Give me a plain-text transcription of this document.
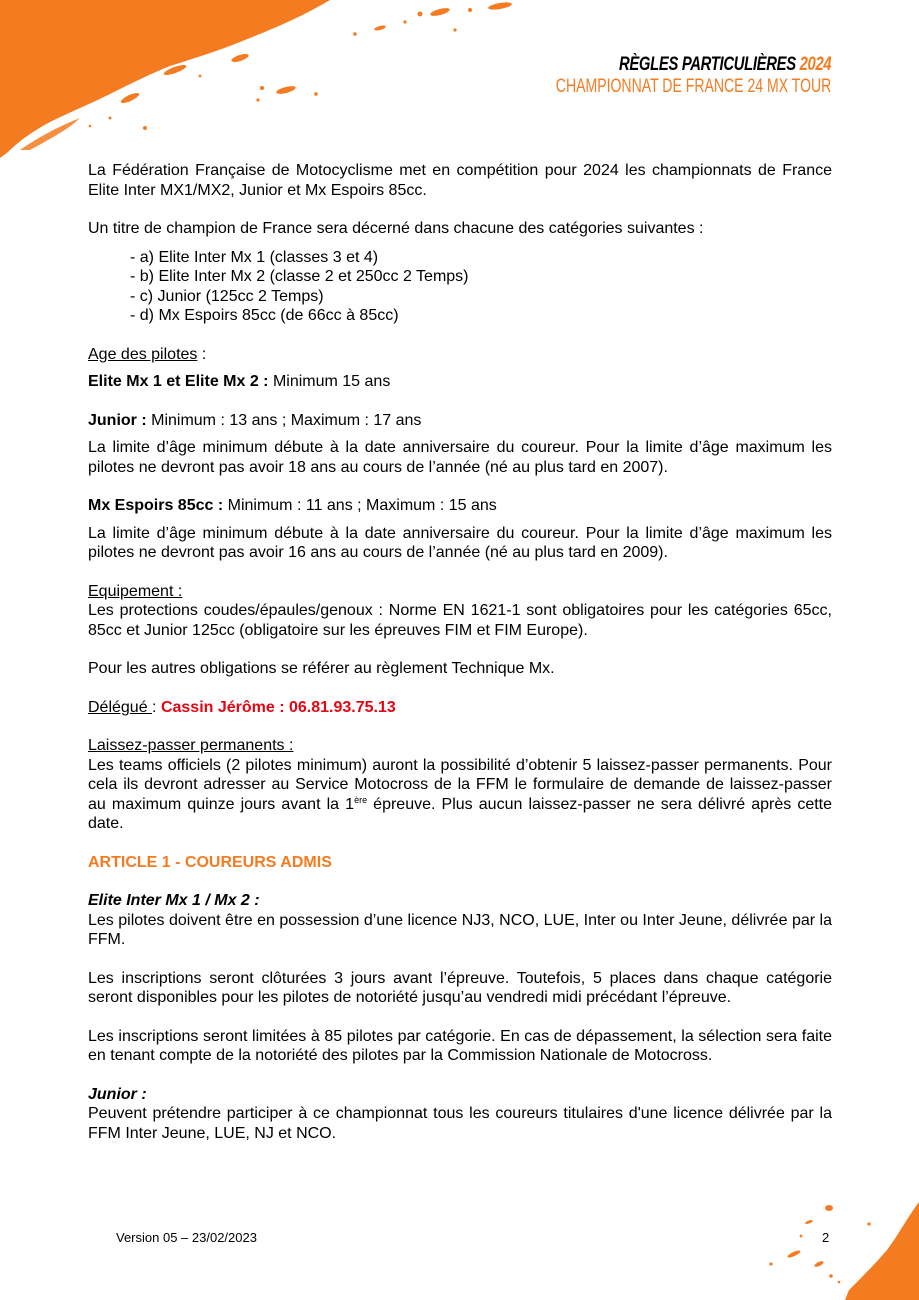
RÈGLES PARTICULIÈRES 2024
CHAMPIONNAT DE FRANCE 24 MX TOUR

La Fédération Française de Motocyclisme met en compétition pour 2024 les championnats de France Elite Inter MX1/MX2, Junior et Mx Espoirs 85cc.

Un titre de champion de France sera décerné dans chacune des catégories suivantes :

- a) Elite Inter Mx 1 (classes 3 et 4)
- b) Elite Inter Mx 2 (classe 2 et 250cc 2 Temps)
- c) Junior (125cc 2 Temps)
- d) Mx Espoirs 85cc (de 66cc à 85cc)

Age des pilotes :

Elite Mx 1 et Elite Mx 2 : Minimum 15 ans

Junior : Minimum : 13 ans ; Maximum : 17 ans

La limite d’âge minimum débute à la date anniversaire du coureur. Pour la limite d’âge maximum les pilotes ne devront pas avoir 18 ans au cours de l’année (né au plus tard en 2007).

Mx Espoirs 85cc : Minimum : 11 ans ; Maximum : 15 ans

La limite d’âge minimum débute à la date anniversaire du coureur. Pour la limite d’âge maximum les pilotes ne devront pas avoir 16 ans au cours de l’année (né au plus tard en 2009).

Equipement :

Les protections coudes/épaules/genoux : Norme EN 1621-1 sont obligatoires pour les catégories 65cc, 85cc et Junior 125cc (obligatoire sur les épreuves FIM et FIM Europe).

Pour les autres obligations se référer au règlement Technique Mx.

Délégué : Cassin Jérôme : 06.81.93.75.13

Laissez-passer permanents :

Les teams officiels (2 pilotes minimum) auront la possibilité d’obtenir 5 laissez-passer permanents. Pour cela ils devront adresser au Service Motocross de la FFM le formulaire de demande de laissez-passer au maximum quinze jours avant la 1ère épreuve. Plus aucun laissez-passer ne sera délivré après cette date.

ARTICLE 1 - COUREURS ADMIS

Elite Inter Mx 1 / Mx 2 :

Les pilotes doivent être en possession d’une licence NJ3, NCO, LUE, Inter ou Inter Jeune, délivrée par la FFM.

Les inscriptions seront clôturées 3 jours avant l’épreuve. Toutefois, 5 places dans chaque catégorie seront disponibles pour les pilotes de notoriété jusqu’au vendredi midi précédant l’épreuve.

Les inscriptions seront limitées à 85 pilotes par catégorie. En cas de dépassement, la sélection sera faite en tenant compte de la notoriété des pilotes par la Commission Nationale de Motocross.

Junior :

Peuvent prétendre participer à ce championnat tous les coureurs titulaires d'une licence délivrée par la FFM Inter Jeune, LUE, NJ et NCO.

Version 05 – 23/02/2023	2
